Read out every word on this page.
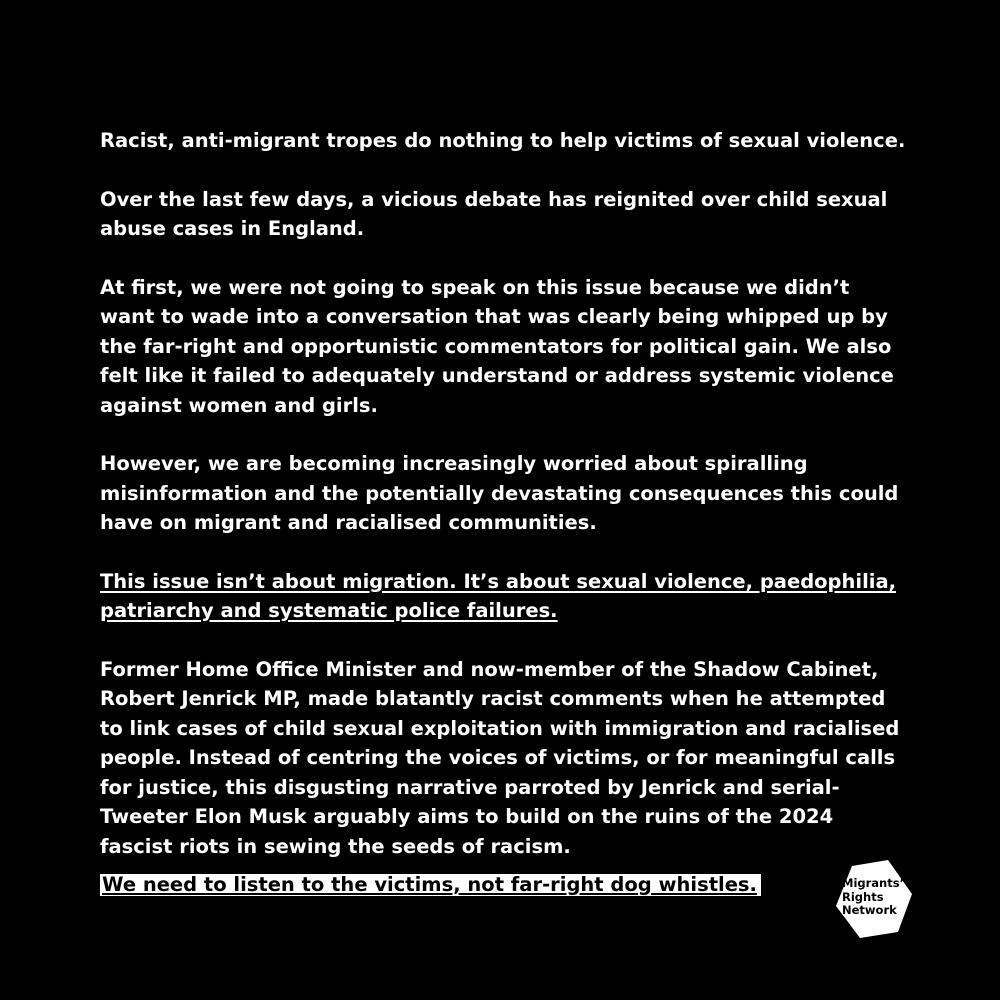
Racist, anti-migrant tropes do nothing to help victims of sexual violence.

Over the last few days, a vicious debate has reignited over child sexual abuse cases in England.

At first, we were not going to speak on this issue because we didn’t want to wade into a conversation that was clearly being whipped up by the far-right and opportunistic commentators for political gain. We also felt like it failed to adequately understand or address systemic violence against women and girls.

However, we are becoming increasingly worried about spiralling misinformation and the potentially devastating consequences this could have on migrant and racialised communities.

This issue isn’t about migration. It’s about sexual violence, paedophilia, patriarchy and systematic police failures.

Former Home Office Minister and now-member of the Shadow Cabinet, Robert Jenrick MP, made blatantly racist comments when he attempted to link cases of child sexual exploitation with immigration and racialised people. Instead of centring the voices of victims, or for meaningful calls for justice, this disgusting narrative parroted by Jenrick and serial-Tweeter Elon Musk arguably aims to build on the ruins of the 2024 fascist riots in sewing the seeds of racism.

We need to listen to the victims, not far-right dog whistles.	Migrants’
Rights
Network
